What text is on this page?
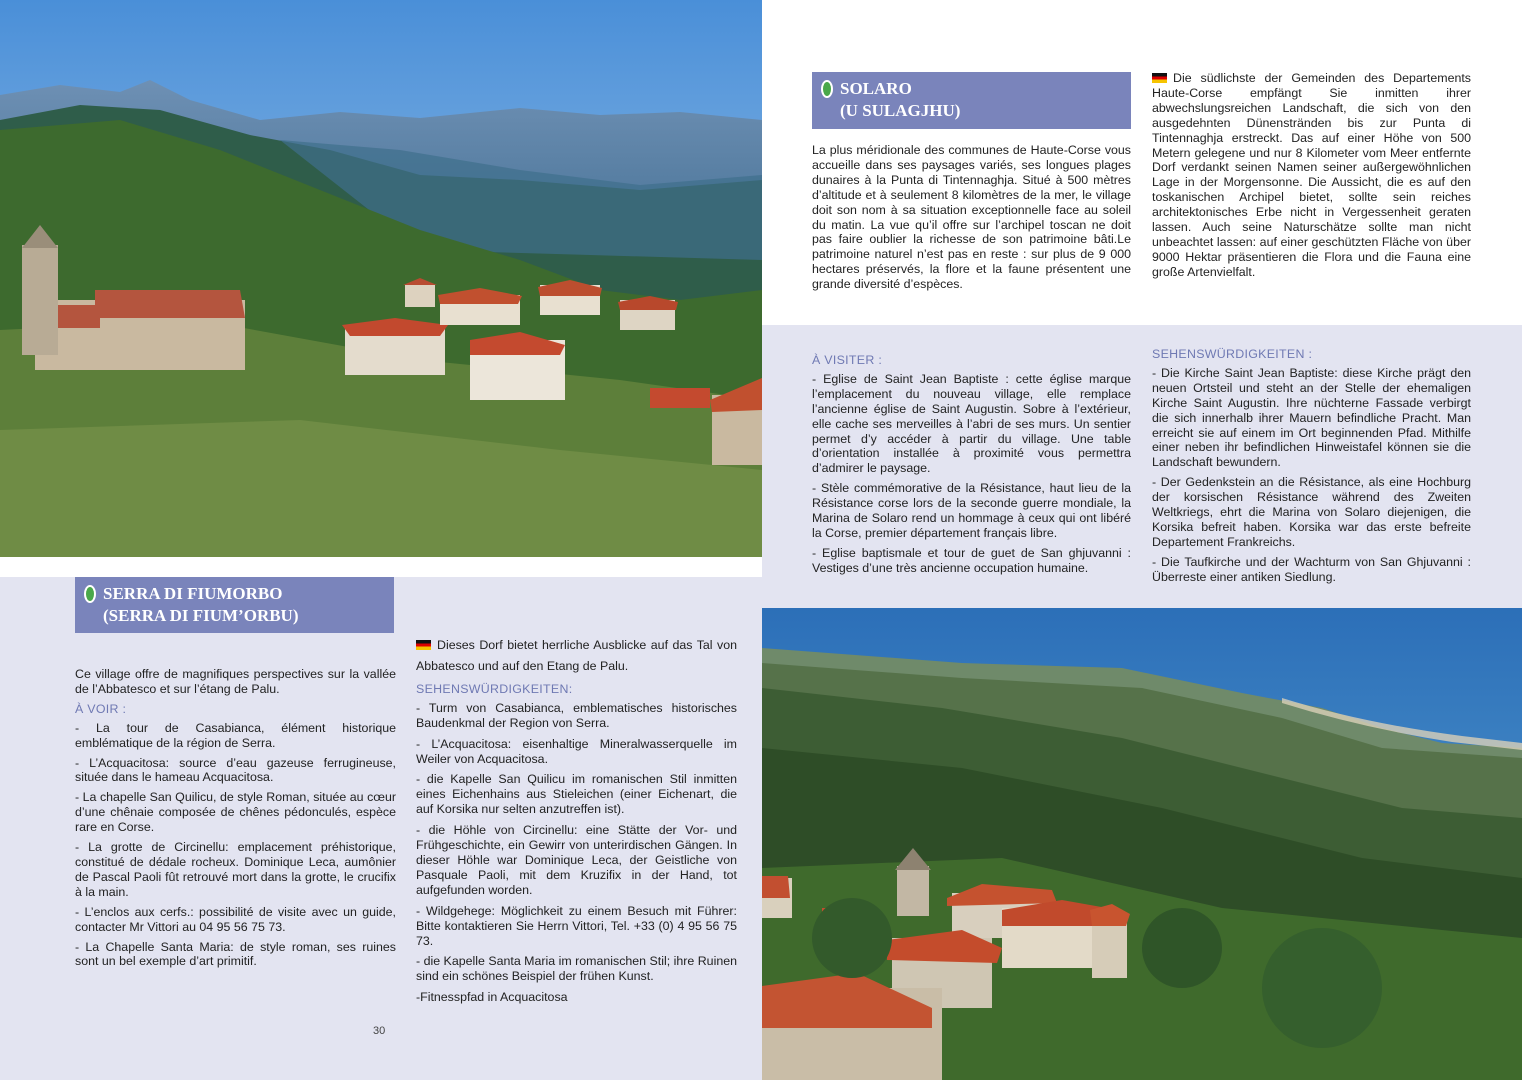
SOLARO
(U SULAGJHU)

La plus méridionale des communes de Haute-Corse vous accueille dans ses paysages variés, ses longues plages dunaires à la Punta di Tintennaghja. Situé à 500 mètres d’altitude et à seulement 8 kilomètres de la mer, le village doit son nom à sa situation exceptionnelle face au soleil du matin. La vue qu’il offre sur l’archipel toscan ne doit pas faire oublier la richesse de son patrimoine bâti.Le patrimoine naturel n’est pas en reste : sur plus de 9 000 hectares préservés, la flore et la faune présentent une grande diversité d’espèces.

Die südlichste der Gemeinden des Departements Haute-Corse empfängt Sie inmitten ihrer abwechslungsreichen Landschaft, die sich von den ausgedehnten Dünenstränden bis zur Punta di Tintennaghja erstreckt. Das auf einer Höhe von 500 Metern gelegene und nur 8 Kilometer vom Meer entfernte Dorf verdankt seinen Namen seiner außergewöhnlichen Lage in der Morgensonne. Die Aussicht, die es auf den toskanischen Archipel bietet, sollte sein reiches architektonisches Erbe nicht in Vergessenheit geraten lassen. Auch seine Naturschätze sollte man nicht unbeachtet lassen: auf einer geschützten Fläche von über 9000 Hektar präsentieren die Flora und die Fauna eine große Artenvielfalt.

À VISITER :

- Eglise de Saint Jean Baptiste : cette église marque l’emplacement du nouveau village, elle remplace l’ancienne église de Saint Augustin. Sobre à l’extérieur, elle cache ses merveilles à l’abri de ses murs. Un sentier permet d’y accéder à partir du village. Une table d’orientation installée à proximité vous permettra d’admirer le paysage.

- Stèle commémorative de la Résistance, haut lieu de la Résistance corse lors de la seconde guerre mondiale, la Marina de Solaro rend un hommage à ceux qui ont libéré la Corse, premier département français libre.

- Eglise baptismale et tour de guet de San ghjuvanni : Vestiges d’une très ancienne occupation humaine.

SEHENSWÜRDIGKEITEN :

- Die Kirche Saint Jean Baptiste: diese Kirche prägt den neuen Ortsteil und steht an der Stelle der ehemaligen Kirche Saint Augustin. Ihre nüchterne Fassade verbirgt die sich innerhalb ihrer Mauern befindliche Pracht. Man erreicht sie auf einem im Ort beginnenden Pfad. Mithilfe einer neben ihr befindlichen Hinweistafel können sie die Landschaft bewundern.

- Der Gedenkstein an die Résistance, als eine Hochburg der korsischen Résistance während des Zweiten Weltkriegs, ehrt die Marina von Solaro diejenigen, die Korsika befreit haben. Korsika war das erste befreite Departement Frankreichs.

- Die Taufkirche und der Wachturm von San Ghjuvanni : Überreste einer antiken Siedlung.

SERRA DI FIUMORBO
(SERRA DI FIUM’ORBU)

Ce village offre de magnifiques perspectives sur la vallée de l’Abbatesco et sur l’étang de Palu.

À VOIR :

- La tour de Casabianca, élément historique emblématique de la région de Serra.

- L’Acquacitosa: source d’eau gazeuse ferrugineuse, située dans le hameau Acquacitosa.

- La chapelle San Quilicu, de style Roman, située au cœur d’une chênaie composée de chênes pédonculés, espèce rare en Corse.

- La grotte de Circinellu: emplacement préhistorique, constitué de dédale rocheux. Dominique Leca, aumônier de Pascal Paoli fût retrouvé mort dans la grotte, le crucifix à la main.

- L’enclos aux cerfs.: possibilité de visite avec un guide, contacter Mr Vittori au 04 95 56 75 73.

- La Chapelle Santa Maria: de style roman, ses ruines sont un bel exemple d’art primitif.

Dieses Dorf bietet herrliche Ausblicke auf das Tal von Abbatesco und auf den Etang de Palu.

SEHENSWÜRDIGKEITEN:

- Turm von Casabianca, emblematisches historisches Baudenkmal der Region von Serra.

- L’Acquacitosa: eisenhaltige Mineralwasserquelle im Weiler von Acquacitosa.

- die Kapelle San Quilicu im romanischen Stil inmitten eines Eichenhains aus Stieleichen (einer Eichenart, die auf Korsika nur selten anzutreffen ist).

- die Höhle von Circinellu: eine Stätte der Vor- und Frühgeschichte, ein Gewirr von unterirdischen Gängen. In dieser Höhle war Dominique Leca, der Geistliche von Pasquale Paoli, mit dem Kruzifix in der Hand, tot aufgefunden worden.

- Wildgehege: Möglichkeit zu einem Besuch mit Führer: Bitte kontaktieren Sie Herrn Vittori, Tel. +33 (0) 4 95 56 75 73.

- die Kapelle Santa Maria im romanischen Stil; ihre Ruinen sind ein schönes Beispiel der frühen Kunst.

-Fitnesspfad in Acquacitosa

30
